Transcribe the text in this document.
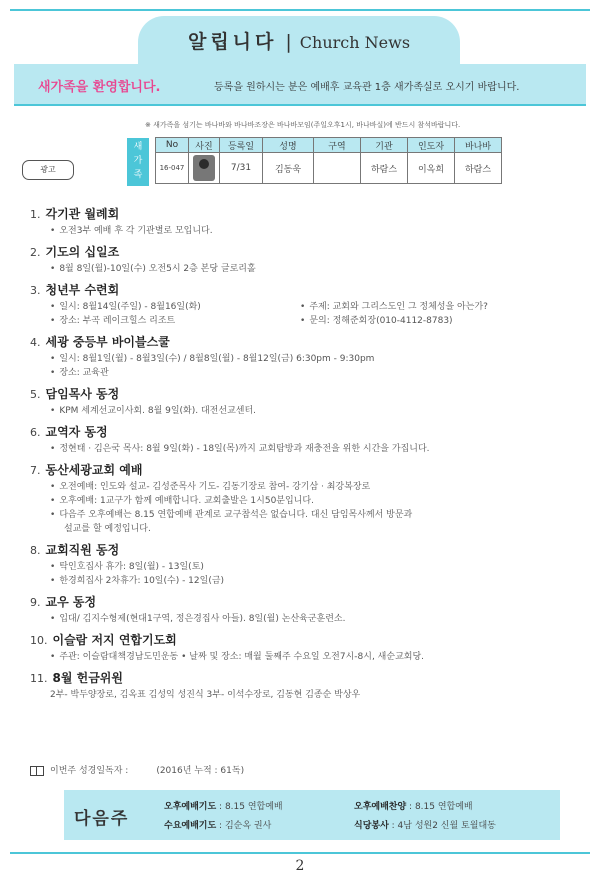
알립니다 | Church News
새가족을 환영합니다.	등록을 원하시는 분은 예배후 교육관 1층 새가족실로 오시기 바랍니다.
※ 새가족을 섬기는 바나바와 바나바조장은 바나바모임(주일오후1시, 바나바실)에 반드시 참석바랍니다.
광고
새
가
족
No	사진	등록일	성명	구역	기관	인도자	바나바
16-047		7/31	김동욱		하람스	이옥희	하람스
1. 각기관 월례회
• 오전3부 예배 후 각 기관별로 모입니다.
2. 기도의 십일조
• 8월 8일(월)-10일(수) 오전5시 2층 본당 글로리홀
3. 청년부 수련회
• 일시: 8월14일(주일) - 8월16일(화)	• 주제: 교회와 그리스도인 그 정체성을 아는가?
• 장소: 부곡 레이크힐스 리조트	• 문의: 정해준회장(010-4112-8783)
4. 세광 중등부 바이블스쿨
• 일시: 8월1일(월) - 8월3일(수) / 8월8일(월) - 8월12일(금) 6:30pm - 9:30pm
• 장소: 교육관
5. 담임목사 동정
• KPM 세계선교이사회. 8월 9일(화). 대전선교센터.
6. 교역자 동정
• 정현태 · 김은국 목사: 8월 9일(화) - 18일(목)까지 교회탐방과 재충전을 위한 시간을 가집니다.
7. 동산세광교회 예배
• 오전예배: 인도와 설교- 김성준목사 기도- 김동기장로 참여- 강기삼 · 최강복장로
• 오후예배: 1교구가 함께 예배합니다. 교회출발은 1시50분입니다.
• 다음주 오후예배는 8.15 연합예배 관계로 교구참석은 없습니다. 대신 담임목사께서 방문과
설교를 할 예정입니다.
8. 교회직원 동정
• 탁인호집사 휴가: 8일(월) - 13일(토)
• 한경희집사 2차휴가: 10일(수) - 12일(금)
9. 교우 동정
• 입대/ 김지수형제(현대1구역, 정은경집사 아들). 8일(월) 논산육군훈련소.
10. 이슬람 저지 연합기도회
• 주관: 이슬람대책경남도민운동 • 날짜 및 장소: 매월 둘째주 수요일 오전7시-8시, 새순교회당.
11. 8월 헌금위원
2부- 박두양장로, 김옥표 김성익 성진식 3부- 이석수장로, 김동현 김종순 박상우
이번주 성경일독자 :	(2016년 누적 : 61독)
다음주
오후예배기도 : 8.15 연합예배	오후예배찬양 : 8.15 연합예배
수요예배기도 : 김순옥 권사	식당봉사 : 4남 성원2 신월 토월대동
2
